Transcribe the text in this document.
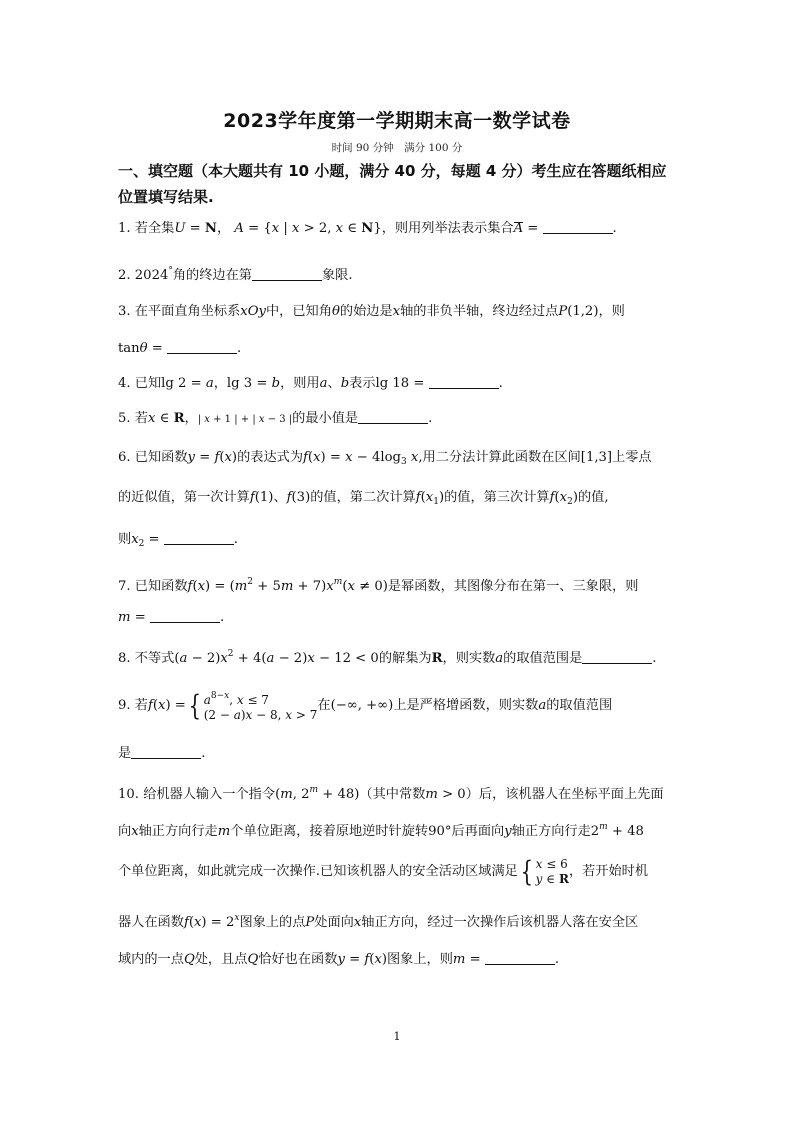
2023学年度第一学期期末高一数学试卷
时间 90 分钟　满分 100 分
一、填空题（本大题共有 10 小题，满分 40 分，每题 4 分）考生应在答题纸相应
位置填写结果.
1. 若全集U = N， A = {x | x > 2, x ∈ N}，则用列举法表示集合A =	.
2. 2024°角的终边在第	象限.
3. 在平面直角坐标系xOy中，已知角θ的始边是x轴的非负半轴，终边经过点P(1,2)，则
tanθ =	.
4. 已知lg 2 = a，lg 3 = b，则用a、b表示lg 18 =	.
5. 若x ∈ R，| x + 1 | + | x − 3 |的最小值是	.
6. 已知函数y = f(x)的表达式为$f(x) = x - 4\log_3$ x,用二分法计算此函数在区间[1,3]上零点
的近似值，第一次计算f(1)、f(3)的值，第二次计算$f(x_1)$的值，第三次计算$f(x_2)$的值,
则$x_2$ =	.
7. 已知函数$f(x) = (m^2 + 5m + 7)x^m(x \ne 0)$是幂函数，其图像分布在第一、三象限，则
m =	.
8. 不等式$(a - 2)x^2 + 4(a - 2)x - 12 < 0$的解集为R，则实数a的取值范围是	.
9. 若f(x) ={ $a^{8-x}$, x ≤ 7
(2 − a)x − 8, x > 7
在(−∞, +∞)上是严格增函数，则实数a的取值范围
是	.
10. 给机器人输入一个指令(m, $2^m + 48$)（其中常数m > 0）后，该机器人在坐标平面上先面
向x轴正方向行走m个单位距离，接着原地逆时针旋转90°后再面向y轴正方向行走$2^m + 48$
个单位距离，如此就完成一次操作.已知该机器人的安全活动区域满足{ x ≤ 6
y ∈ R ，若开始时机
器人在函数$f(x) = 2^x$图象上的点P处面向x轴正方向，经过一次操作后该机器人落在安全区
域内的一点Q处，且点Q恰好也在函数y = f(x)图象上，则m =	.
1
